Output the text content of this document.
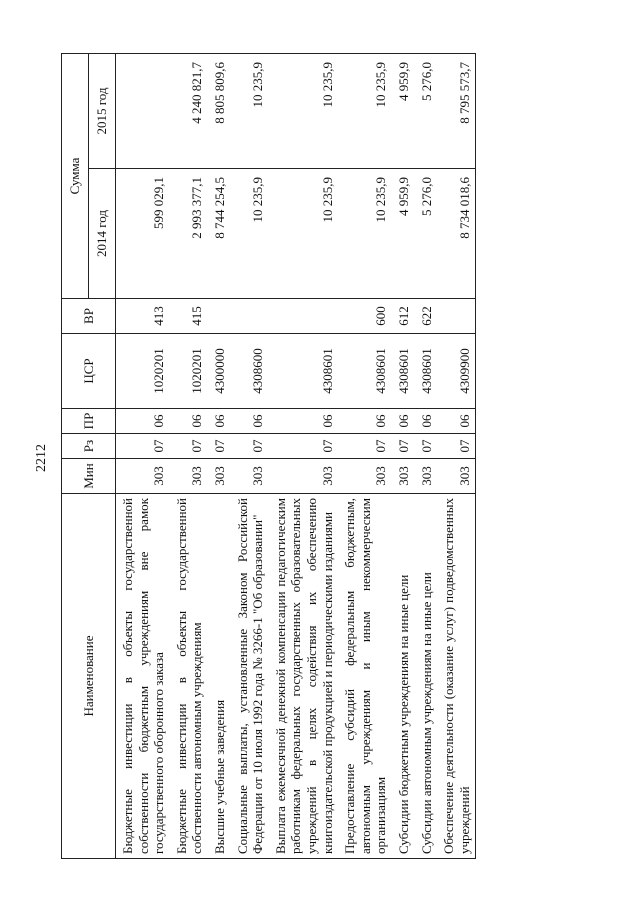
2212
Наименование	Мин	Рз	ПР	ЦСР	ВР	Сумма	
						2014 год	2015 год
Бюджетные инвестиции в объекты государственной собственности бюджетным учреждениям вне рамок государственного оборонного заказа	303	07	06	1020201	413	599 029,1	
Бюджетные инвестиции в объекты государственной собственности автономным учреждениям	303	07	06	1020201	415	2 993 377,1	4 240 821,7
Высшие учебные заведения	303	07	06	4300000		8 744 254,5	8 805 809,6
Социальные выплаты, установленные Законом Российской Федерации от 10 июля 1992 года № 3266-1 "Об образовании"	303	07	06	4308600		10 235,9	10 235,9
Выплата ежемесячной денежной компенсации педагогическим работникам федеральных государственных образовательных учреждений в целях содействия их обеспечению книгоиздательской продукцией и периодическими изданиями	303	07	06	4308601		10 235,9	10 235,9
Предоставление субсидий федеральным бюджетным, автономным учреждениям и иным некоммерческим организациям	303	07	06	4308601	600	10 235,9	10 235,9
Субсидии бюджетным учреждениям на иные цели	303	07	06	4308601	612	4 959,9	4 959,9
Субсидии автономным учреждениям на иные цели	303	07	06	4308601	622	5 276,0	5 276,0
Обеспечение деятельности (оказание услуг) подведомственных учреждений	303	07	06	4309900		8 734 018,6	8 795 573,7
